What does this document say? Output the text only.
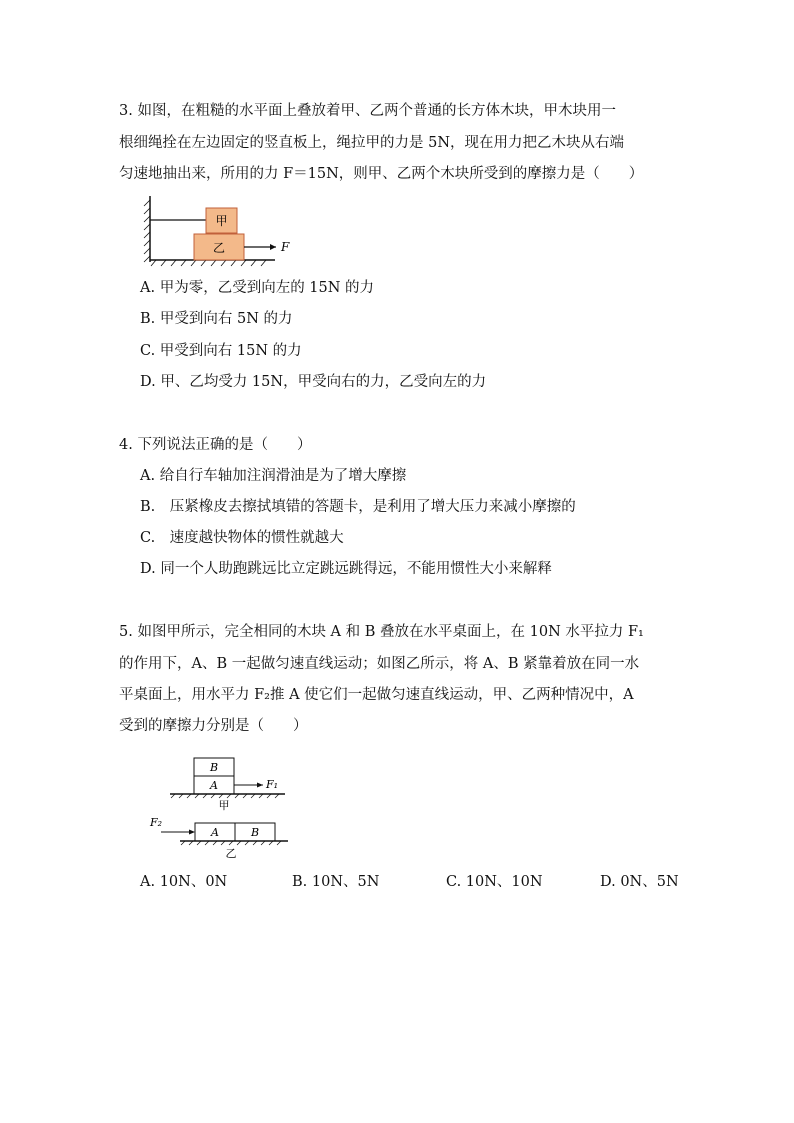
3. 如图，在粗糙的水平面上叠放着甲、乙两个普通的长方体木块，甲木块用一
根细绳拴在左边固定的竖直板上，绳拉甲的力是 5N，现在用力把乙木块从右端
匀速地抽出来，所用的力 F＝15N，则甲、乙两个木块所受到的摩擦力是（　　）
甲
乙	F
A. 甲为零，乙受到向左的 15N 的力
B. 甲受到向右 5N 的力
C. 甲受到向右 15N 的力
D. 甲、乙均受力 15N，甲受向右的力，乙受向左的力
4. 下列说法正确的是（　　）
A. 给自行车轴加注润滑油是为了增大摩擦
B.　压紧橡皮去擦拭填错的答题卡，是利用了增大压力来减小摩擦的
C.　速度越快物体的惯性就越大
D. 同一个人助跑跳远比立定跳远跳得远，不能用惯性大小来解释
5. 如图甲所示，完全相同的木块 A 和 B 叠放在水平桌面上，在 10N 水平拉力 F₁
的作用下，A、B 一起做匀速直线运动；如图乙所示，将 A、B 紧靠着放在同一水
平桌面上，用水平力 F₂推 A 使它们一起做匀速直线运动，甲、乙两种情况中，A
受到的摩擦力分别是（　　）
B
A	F₁
甲
F₂
A	B
乙
A. 10N、0N	B. 10N、5N	C. 10N、10N	D. 0N、5N
